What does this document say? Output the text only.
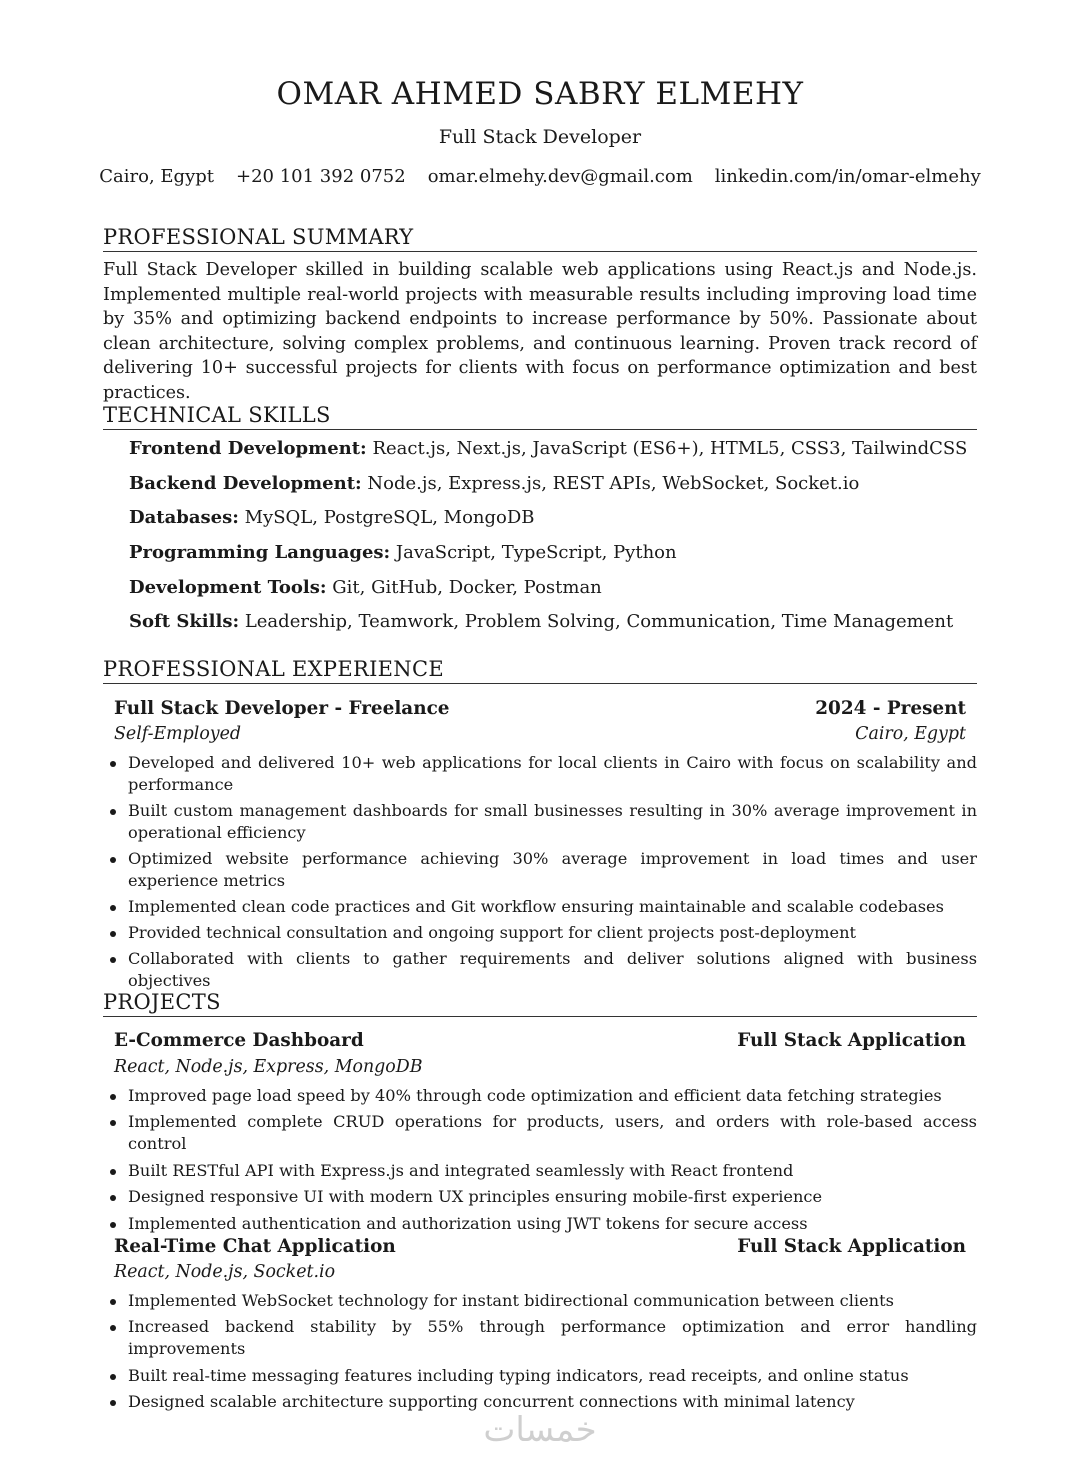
OMAR AHMED SABRY ELMEHY
Full Stack Developer
Cairo, Egypt +20 101 392 0752 omar.elmehy.dev@gmail.com linkedin.com/in/omar-elmehy
PROFESSIONAL SUMMARY

Full Stack Developer skilled in building scalable web applications using React.js and Node.js. Implemented multiple real-world projects with measurable results including improving load time by 35% and optimizing backend endpoints to increase performance by 50%. Passionate about clean architecture, solving complex problems, and continuous learning. Proven track record of delivering 10+ successful projects for clients with focus on performance optimization and best practices.

TECHNICAL SKILLS
Frontend Development: React.js, Next.js, JavaScript (ES6+), HTML5, CSS3, TailwindCSS
Backend Development: Node.js, Express.js, REST APIs, WebSocket, Socket.io
Databases: MySQL, PostgreSQL, MongoDB
Programming Languages: JavaScript, TypeScript, Python
Development Tools: Git, GitHub, Docker, Postman
Soft Skills: Leadership, Teamwork, Problem Solving, Communication, Time Management
PROFESSIONAL EXPERIENCE
Full Stack Developer - Freelance	2024 - Present
Self-Employed	Cairo, Egypt
Developed and delivered 10+ web applications for local clients in Cairo with focus on scalability and performance
Built custom management dashboards for small businesses resulting in 30% average improvement in operational efficiency
Optimized website performance achieving 30% average improvement in load times and user experience metrics
Implemented clean code practices and Git workflow ensuring maintainable and scalable codebases
Provided technical consultation and ongoing support for client projects post-deployment
Collaborated with clients to gather requirements and deliver solutions aligned with business objectives
PROJECTS
E-Commerce Dashboard	Full Stack Application
React, Node.js, Express, MongoDB
Improved page load speed by 40% through code optimization and efficient data fetching strategies
Implemented complete CRUD operations for products, users, and orders with role-based access control
Built RESTful API with Express.js and integrated seamlessly with React frontend
Designed responsive UI with modern UX principles ensuring mobile-first experience
Implemented authentication and authorization using JWT tokens for secure access
Real-Time Chat Application	Full Stack Application
React, Node.js, Socket.io
Implemented WebSocket technology for instant bidirectional communication between clients
Increased backend stability by 55% through performance optimization and error handling improvements
Built real-time messaging features including typing indicators, read receipts, and online status
Designed scalable architecture supporting concurrent connections with minimal latency
خمسات
